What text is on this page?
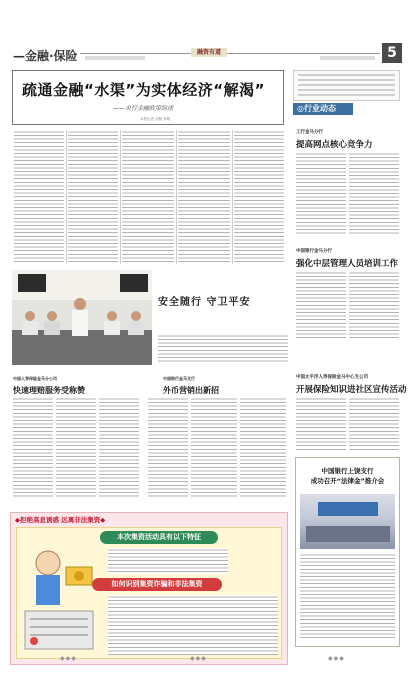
—金融·保险	融资有道	5
疏通金融“水渠”为实体经济“解渴”
——央行金融政策综述
本报记者 刘磊 李明
◎行业动态
工行金马分行
提高网点核心竞争力
中国银行金马分行
强化中层管理人员培训工作
中国太平洋人寿保险金马中心支公司
开展保险知识进社区宣传活动
中国银行上饶支行
成功召开“法律金”推介会
安全随行 守卫平安
中国人寿保险金马分公司
快速理赔服务受称赞
中国银行金马支行
外币营销出新招
◆拒绝高息诱惑 远离非法集资◆
本次集资活动具有以下特征
如何识别集资诈骗和非法集资
◆◆◆	◆◆◆	◆◆◆
